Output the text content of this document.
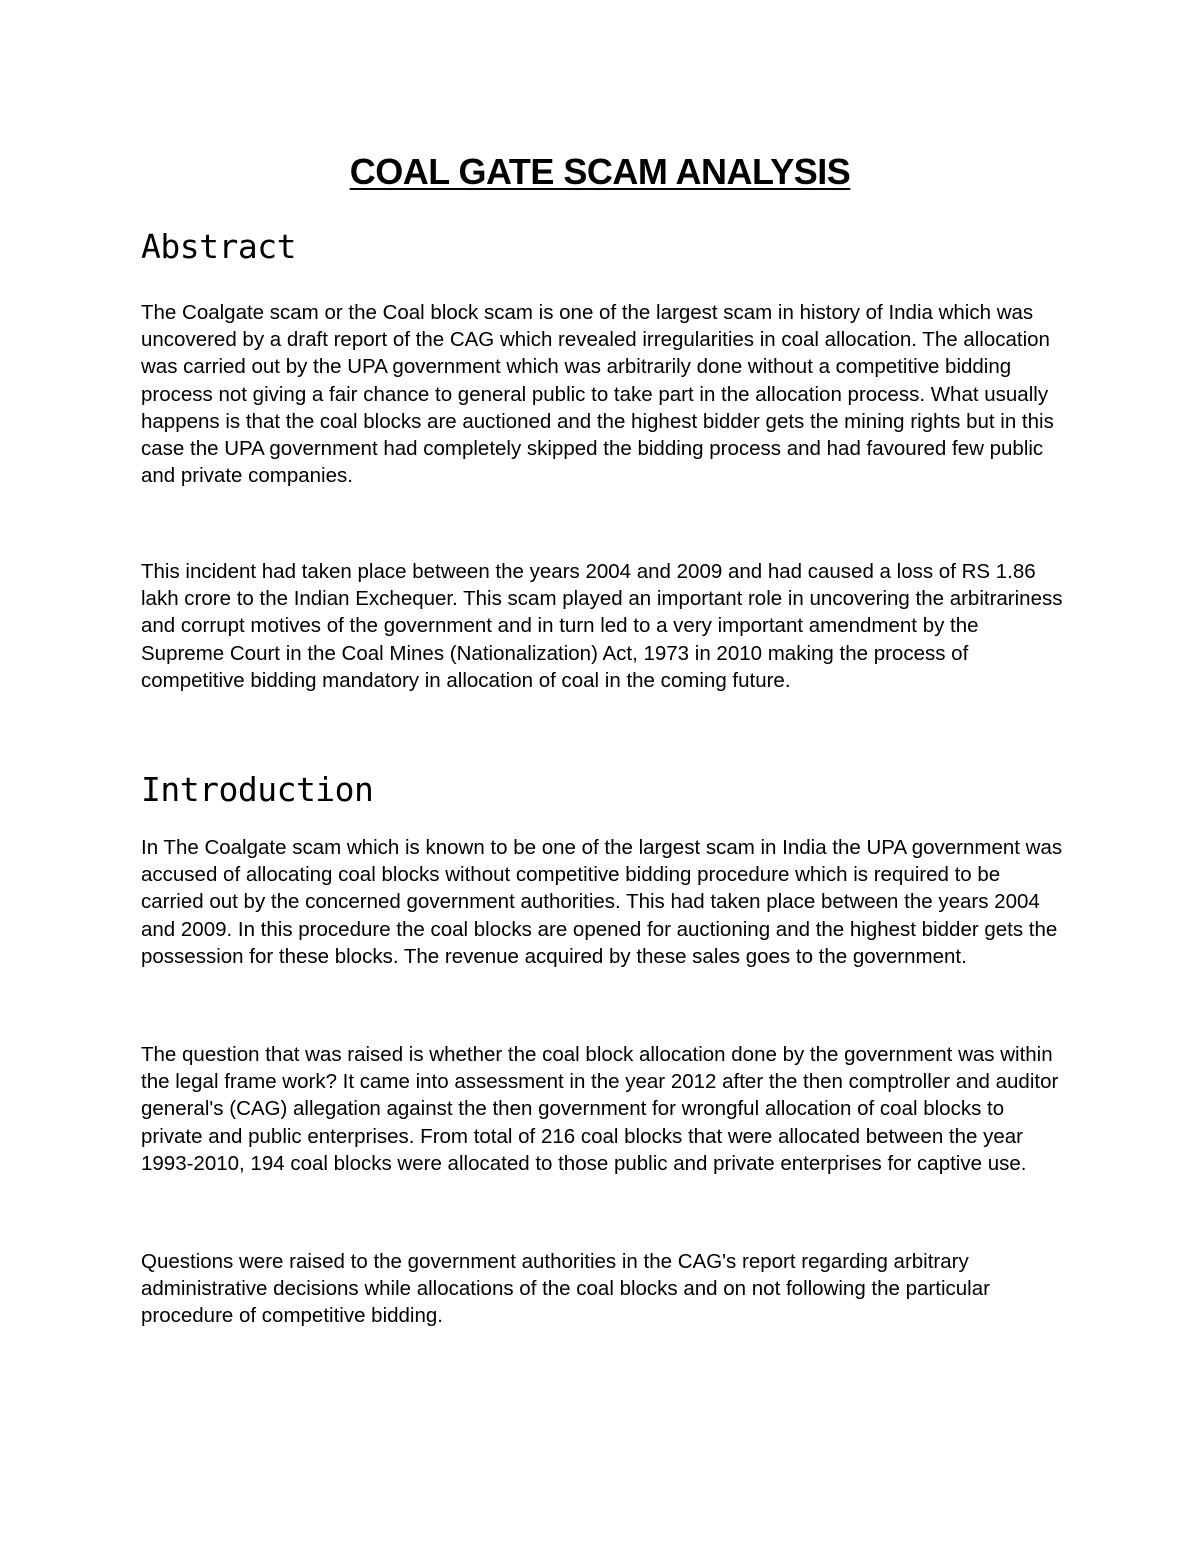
COAL GATE SCAM ANALYSIS
Abstract

The Coalgate scam or the Coal block scam is one of the largest scam in history of India which was uncovered by a draft report of the CAG which revealed irregularities in coal allocation. The allocation was carried out by the UPA government which was arbitrarily done without a competitive bidding process not giving a fair chance to general public to take part in the allocation process. What usually happens is that the coal blocks are auctioned and the highest bidder gets the mining rights but in this case the UPA government had completely skipped the bidding process and had favoured few public and private companies.

This incident had taken place between the years 2004 and 2009 and had caused a loss of RS 1.86 lakh crore to the Indian Exchequer. This scam played an important role in uncovering the arbitrariness and corrupt motives of the government and in turn led to a very important amendment by the Supreme Court in the Coal Mines (Nationalization) Act, 1973 in 2010 making the process of competitive bidding mandatory in allocation of coal in the coming future.

Introduction

In The Coalgate scam which is known to be one of the largest scam in India the UPA government was accused of allocating coal blocks without competitive bidding procedure which is required to be carried out by the concerned government authorities. This had taken place between the years 2004 and 2009. In this procedure the coal blocks are opened for auctioning and the highest bidder gets the possession for these blocks. The revenue acquired by these sales goes to the government.

The question that was raised is whether the coal block allocation done by the government was within the legal frame work? It came into assessment in the year 2012 after the then comptroller and auditor general's (CAG) allegation against the then government for wrongful allocation of coal blocks to private and public enterprises. From total of 216 coal blocks that were allocated between the year 1993-2010, 194 coal blocks were allocated to those public and private enterprises for captive use.

Questions were raised to the government authorities in the CAG's report regarding arbitrary administrative decisions while allocations of the coal blocks and on not following the particular procedure of competitive bidding.
